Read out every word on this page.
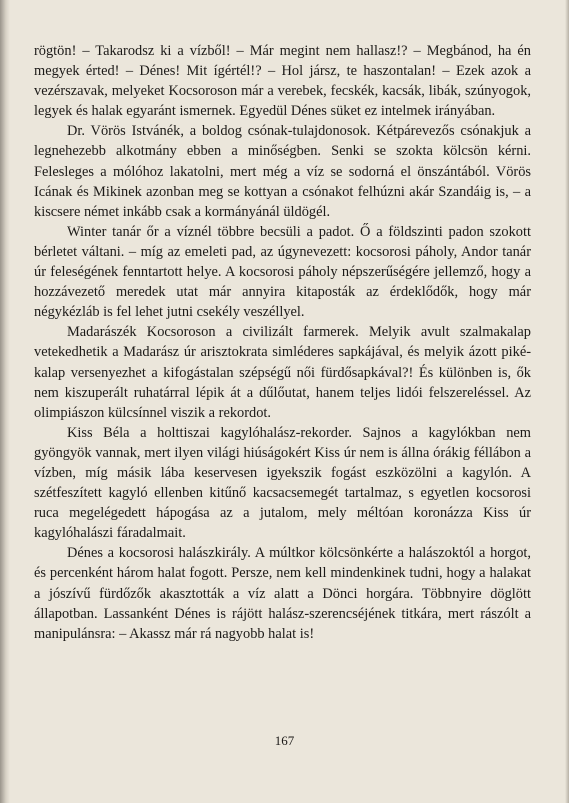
rögtön! – Takarodsz ki a vízből! – Már megint nem hallasz!? – Megbánod, ha én megyek érted! – Dénes! Mit ígértél!? – Hol jársz, te haszontalan! – Ezek azok a vezérszavak, melyeket Kocsoroson már a verebek, fecskék, kacsák, libák, szúnyogok, legyek és halak egyaránt ismernek. Egyedül Dénes süket ez intelmek irányában.

Dr. Vörös Istvánék, a boldog csónak-tulajdonosok. Kétpárevezős csónakjuk a legnehezebb alkotmány ebben a minőségben. Senki se szokta kölcsön kérni. Felesleges a mólóhoz lakatolni, mert még a víz se sodorná el önszántából. Vörös Icának és Mikinek azonban meg se kottyan a csónakot felhúzni akár Szandáig is, – a kiscsere német inkább csak a kormányánál üldögél.

Winter tanár őr a víznél többre becsüli a padot. Ő a földszinti padon szokott bérletet váltani. – míg az emeleti pad, az úgynevezett: kocsorosi páholy, Andor tanár úr feleségének fenntartott helye. A kocsorosi páholy népszerűségére jellemző, hogy a hozzávezető meredek utat már annyira kitaposták az érdeklődők, hogy már négykézláb is fel lehet jutni csekély veszéllyel.

Madarászék Kocsoroson a civilizált farmerek. Melyik avult szalmakalap vetekedhetik a Madarász úr arisztokrata simléderes sapkájával, és melyik ázott piké-kalap versenyezhet a kifogástalan szépségű női fürdősapkával?! És különben is, ők nem kiszuperált ruhatárral lépik át a dűlőutat, hanem teljes lidói felszereléssel. Az olimpiászon külcsínnel viszik a rekordot.

Kiss Béla a holttiszai kagylóhalász-rekorder. Sajnos a kagylókban nem gyöngyök vannak, mert ilyen világi hiúságokért Kiss úr nem is állna órákig féllábon a vízben, míg másik lába keservesen igyekszik fogást eszközölni a kagylón. A szétfeszített kagyló ellenben kitűnő kacsacsemegét tartalmaz, s egyetlen kocsorosi ruca megelégedett hápogása az a jutalom, mely méltóan koronázza Kiss úr kagylóhalászi fáradalmait.

Dénes a kocsorosi halászkirály. A múltkor kölcsönkérte a halászoktól a horgot, és percenként három halat fogott. Persze, nem kell mindenkinek tudni, hogy a halakat a jószívű fürdőzők akasztották a víz alatt a Dönci horgára. Többnyire döglött állapotban. Lassanként Dénes is rájött halász-szerencséjének titkára, mert rászólt a manipulánsra: – Akassz már rá nagyobb halat is!

167
